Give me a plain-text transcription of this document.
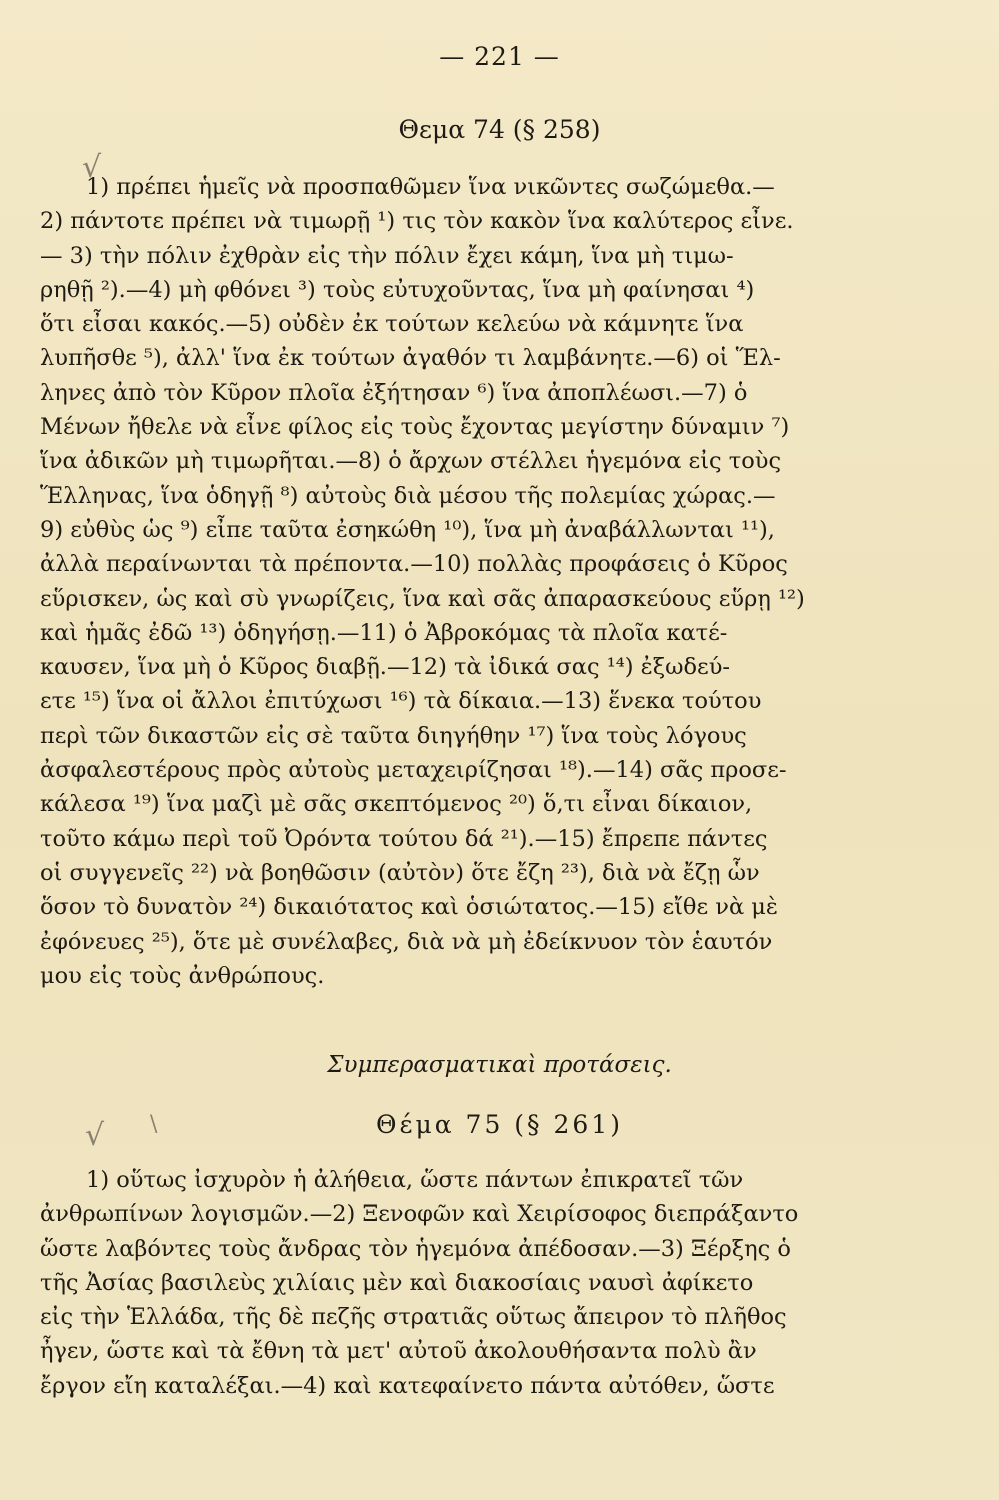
— 221 —
√
Θεμα 74 (§ 258)
1) πρέπει ἡμεῖς νὰ προσπαθῶμεν ἵνα νικῶντες σωζώμεθα.—
2) πάντοτε πρέπει νὰ τιμωρῇ ¹) τις τὸν κακὸν ἵνα καλύτερος εἶνε.
— 3) τὴν πόλιν ἐχθρὰν εἰς τὴν πόλιν ἔχει κάμη, ἵνα μὴ τιμω-
ρηθῇ ²).—4) μὴ φθόνει ³) τοὺς εὐτυχοῦντας, ἵνα μὴ φαίνησαι ⁴)
ὅτι εἶσαι κακός.—5) οὐδὲν ἐκ τούτων κελεύω νὰ κάμνητε ἵνα
λυπῆσθε ⁵), ἀλλ' ἵνα ἐκ τούτων ἀγαθόν τι λαμβάνητε.—6) οἱ Ἕλ-
ληνες ἀπὸ τὸν Κῦρον πλοῖα ἐξήτησαν ⁶) ἵνα ἀποπλέωσι.—7) ὁ
Μένων ἤθελε νὰ εἶνε φίλος εἰς τοὺς ἔχοντας μεγίστην δύναμιν ⁷)
ἵνα ἀδικῶν μὴ τιμωρῆται.—8) ὁ ἄρχων στέλλει ἡγεμόνα εἰς τοὺς
Ἕλληνας, ἵνα ὁδηγῇ ⁸) αὐτοὺς διὰ μέσου τῆς πολεμίας χώρας.—
9) εὐθὺς ὡς ⁹) εἶπε ταῦτα ἐσηκώθη ¹⁰), ἵνα μὴ ἀναβάλλωνται ¹¹),
ἀλλὰ περαίνωνται τὰ πρέποντα.—10) πολλὰς προφάσεις ὁ Κῦρος
εὕρισκεν, ὡς καὶ σὺ γνωρίζεις, ἵνα καὶ σᾶς ἀπαρασκεύους εὕρῃ ¹²)
καὶ ἡμᾶς ἐδῶ ¹³) ὁδηγήσῃ.—11) ὁ Ἀβροκόμας τὰ πλοῖα κατέ-
καυσεν, ἵνα μὴ ὁ Κῦρος διαβῇ.—12) τὰ ἰδικά σας ¹⁴) ἐξωδεύ-
ετε ¹⁵) ἵνα οἱ ἄλλοι ἐπιτύχωσι ¹⁶) τὰ δίκαια.—13) ἕνεκα τούτου
περὶ τῶν δικαστῶν εἰς σὲ ταῦτα διηγήθην ¹⁷) ἵνα τοὺς λόγους
ἀσφαλεστέρους πρὸς αὐτοὺς μεταχειρίζησαι ¹⁸).—14) σᾶς προσε-
κάλεσα ¹⁹) ἵνα μαζὶ μὲ σᾶς σκεπτόμενος ²⁰) ὅ,τι εἶναι δίκαιον,
τοῦτο κάμω περὶ τοῦ Ὀρόντα τούτου δά ²¹).—15) ἔπρεπε πάντες
οἱ συγγενεῖς ²²) νὰ βοηθῶσιν (αὐτὸν) ὅτε ἔζη ²³), διὰ νὰ ἔζῃ ὧν
ὅσον τὸ δυνατὸν ²⁴) δικαιότατος καὶ ὁσιώτατος.—15) εἴθε νὰ μὲ
ἐφόνευες ²⁵), ὅτε μὲ συνέλαβες, διὰ νὰ μὴ ἐδείκνυον τὸν ἑαυτόν
μου εἰς τοὺς ἀνθρώπους.
Συμπερασματικαὶ προτάσεις.
√ \	Θέμα 75 (§ 261)
1) οὕτως ἰσχυρὸν ἡ ἀλήθεια, ὥστε πάντων ἐπικρατεῖ τῶν
ἀνθρωπίνων λογισμῶν.—2) Ξενοφῶν καὶ Χειρίσοφος διεπράξαντο
ὥστε λαβόντες τοὺς ἄνδρας τὸν ἡγεμόνα ἀπέδοσαν.—3) Ξέρξης ὁ
τῆς Ἀσίας βασιλεὺς χιλίαις μὲν καὶ διακοσίαις ναυσὶ ἀφίκετο
εἰς τὴν Ἑλλάδα, τῆς δὲ πεζῆς στρατιᾶς οὕτως ἄπειρον τὸ πλῆθος
ἦγεν, ὥστε καὶ τὰ ἔθνη τὰ μετ' αὐτοῦ ἀκολουθήσαντα πολὺ ἂν
ἔργον εἴη καταλέξαι.—4) καὶ κατεφαίνετο πάντα αὐτόθεν, ὥστε
